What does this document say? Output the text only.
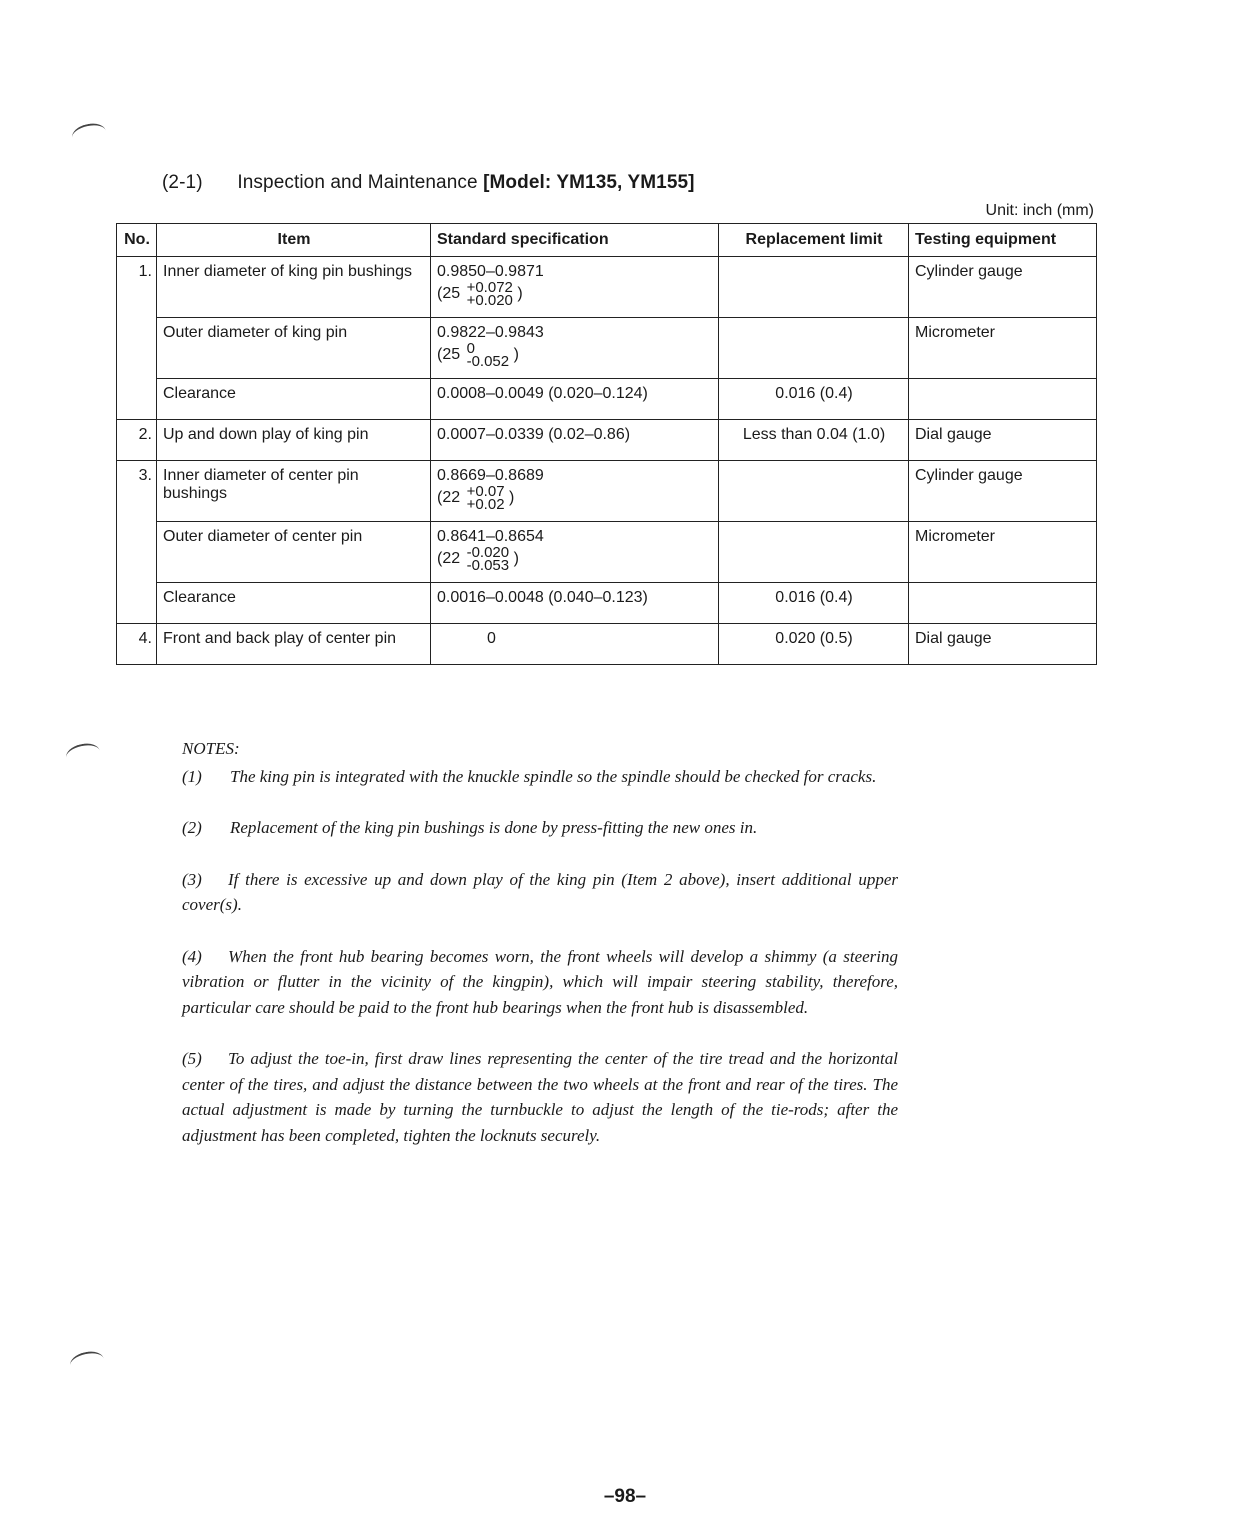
(2-1) Inspection and Maintenance [Model: YM135, YM155]
Unit: inch (mm)
No.	Item	Standard specification	Replacement limit	Testing equipment
1.	Inner diameter of king pin bushings	0.9850–0.9871
(25 +0.072
+0.020 )		Cylinder gauge
	Outer diameter of king pin	0.9822–0.9843
(25 0
-0.052 )		Micrometer
	Clearance	0.0008–0.0049 (0.020–0.124)	0.016 (0.4)	
2.	Up and down play of king pin	0.0007–0.0339 (0.02–0.86)	Less than 0.04 (1.0)	Dial gauge
3.	Inner diameter of center pin bushings	0.8669–0.8689
(22 +0.07
+0.02 )		Cylinder gauge
	Outer diameter of center pin	0.8641–0.8654
(22 -0.020
-0.053 )		Micrometer
	Clearance	0.0016–0.0048 (0.040–0.123)	0.016 (0.4)	
4.	Front and back play of center pin	0	0.020 (0.5)	Dial gauge
NOTES:
(1) The king pin is integrated with the knuckle spindle so the spindle should be checked for cracks.
(2) Replacement of the king pin bushings is done by press-fitting the new ones in.
(3) If there is excessive up and down play of the king pin (Item 2 above), insert additional upper cover(s).
(4) When the front hub bearing becomes worn, the front wheels will develop a shimmy (a steering vibration or flutter in the vicinity of the kingpin), which will impair steering stability, therefore, particular care should be paid to the front hub bearings when the front hub is disassembled.
(5) To adjust the toe-in, first draw lines representing the center of the tire tread and the horizontal center of the tires, and adjust the distance between the two wheels at the front and rear of the tires. The actual adjustment is made by turning the turnbuckle to adjust the length of the tie-rods; after the adjustment has been completed, tighten the locknuts securely.
–98–
